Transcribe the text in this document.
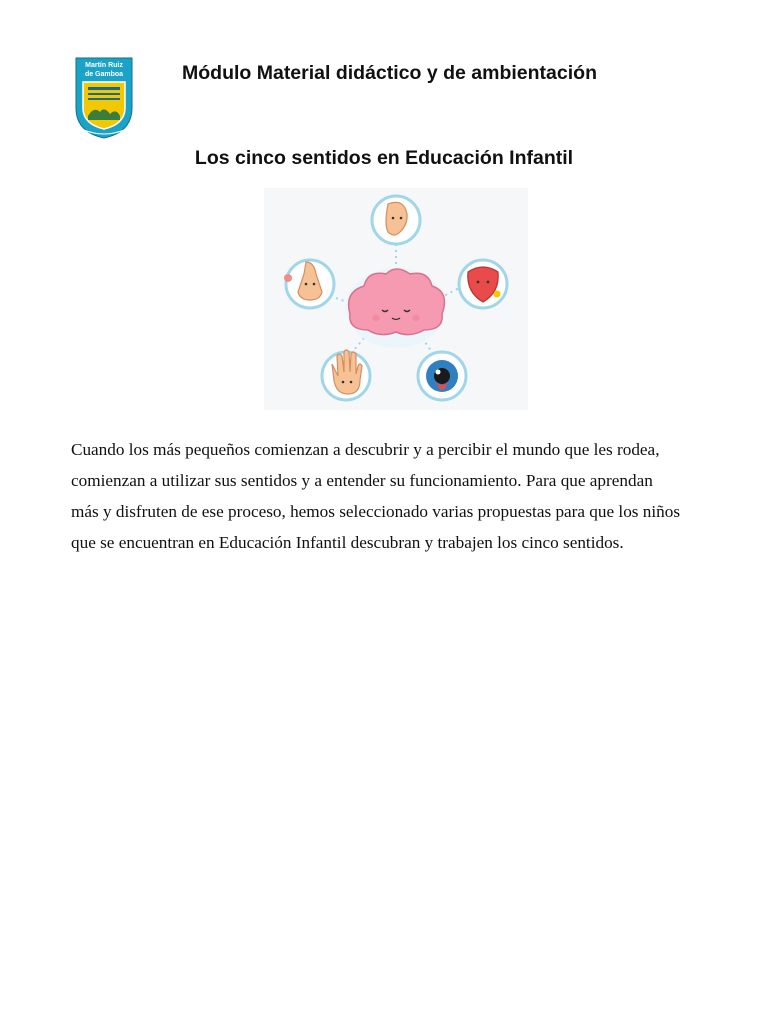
Martín Ruiz
de Gamboa	Módulo Material didáctico y de ambientación
Los cinco sentidos en Educación Infantil
Cuando los más pequeños comienzan a descubrir y a percibir el mundo que les rodea,
comienzan a utilizar sus sentidos y a entender su funcionamiento. Para que aprendan
más y disfruten de ese proceso, hemos seleccionado varias propuestas para que los niños
que se encuentran en Educación Infantil descubran y trabajen los cinco sentidos.
